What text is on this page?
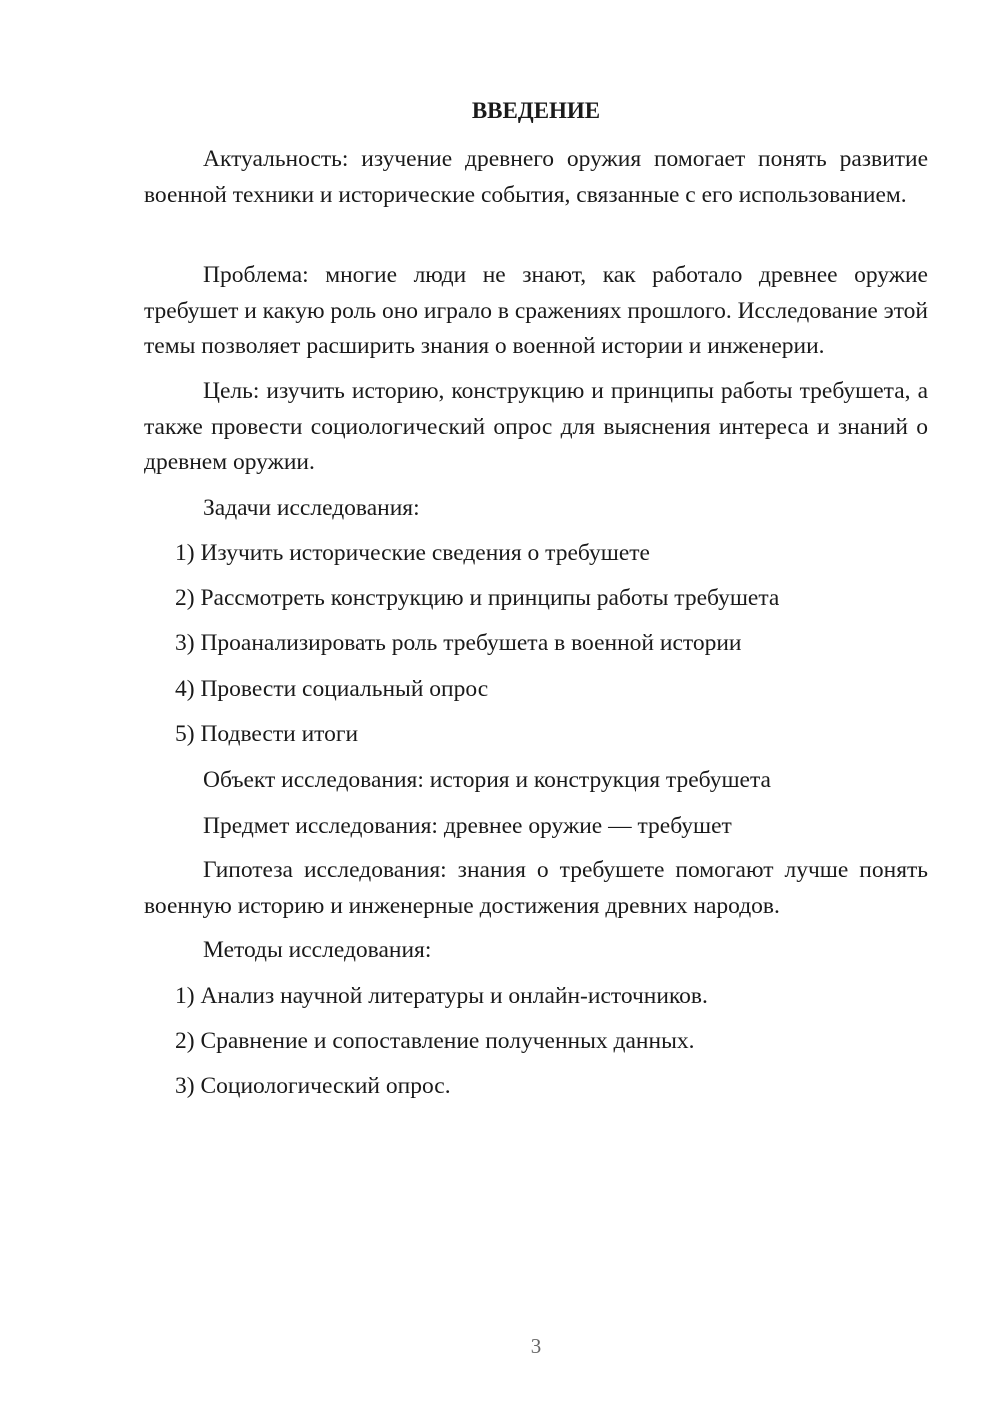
ВВЕДЕНИЕ

Актуальность: изучение древнего оружия помогает понять развитие военной техники и исторические события, связанные с его использованием.

Проблема: многие люди не знают, как работало древнее оружие требушет и какую роль оно играло в сражениях прошлого. Исследование этой темы позволяет расширить знания о военной истории и инженерии.

Цель: изучить историю, конструкцию и принципы работы требушета, а также провести социологический опрос для выяснения интереса и знаний о древнем оружии.

Задачи исследования:

1) Изучить исторические сведения о требушете

2) Рассмотреть конструкцию и принципы работы требушета

3) Проанализировать роль требушета в военной истории

4) Провести социальный опрос

5) Подвести итоги

Объект исследования: история и конструкция требушета

Предмет исследования: древнее оружие — требушет

Гипотеза исследования: знания о требушете помогают лучше понять военную историю и инженерные достижения древних народов.

Методы исследования:

1) Анализ научной литературы и онлайн-источников.

2) Сравнение и сопоставление полученных данных.

3) Социологический опрос.

3
